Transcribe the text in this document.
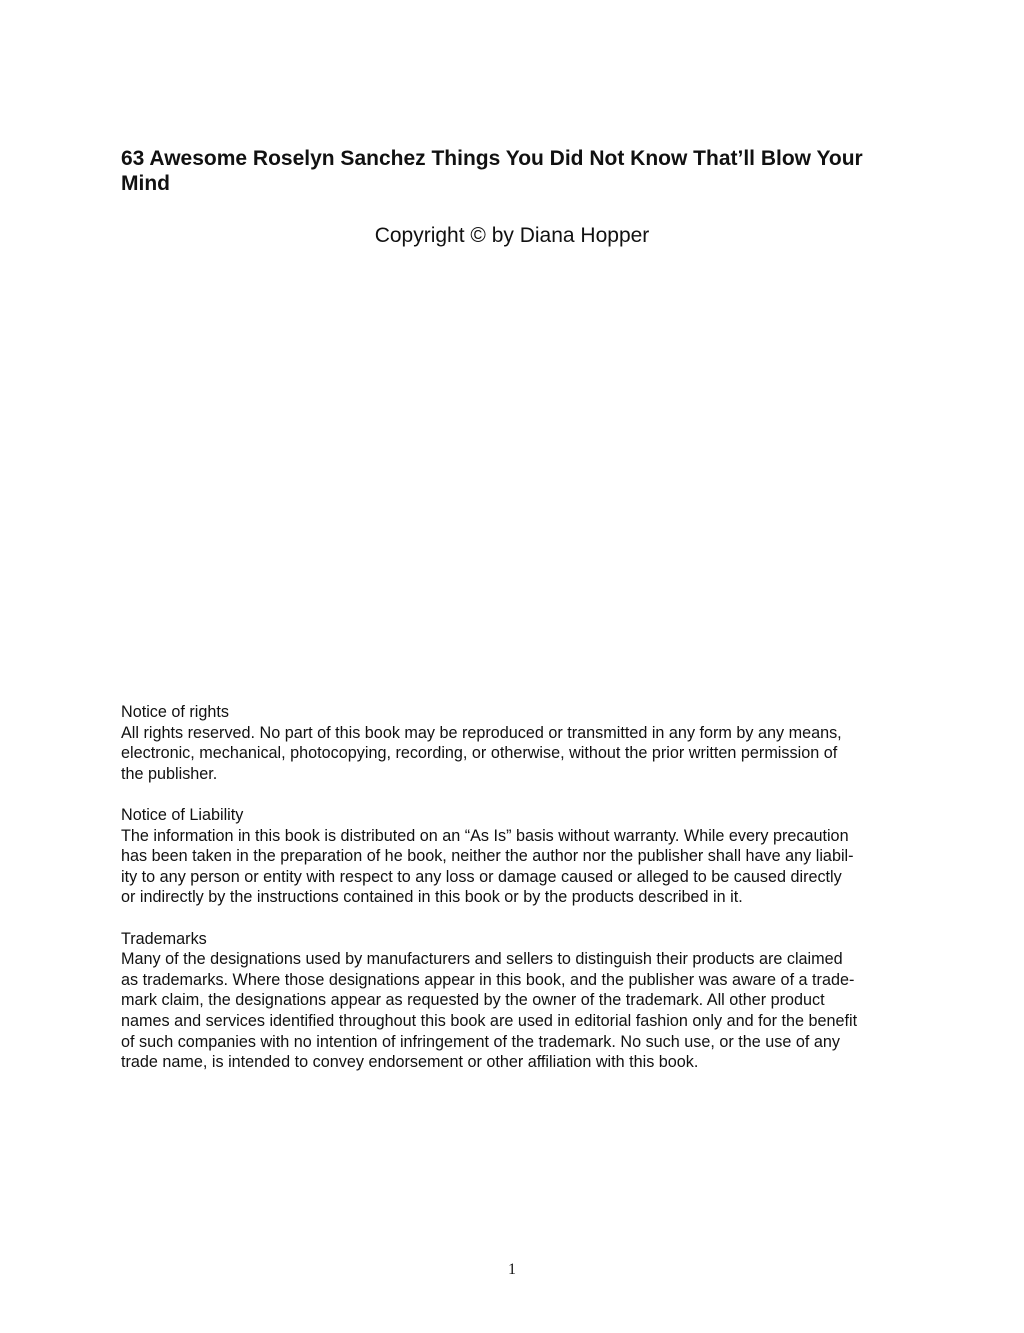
63 Awesome Roselyn Sanchez Things You Did Not Know That’ll Blow Your Mind
Copyright © by Diana Hopper
Notice of rights
All rights reserved. No part of this book may be reproduced or transmitted in any form by any means,
electronic, mechanical, photocopying, recording, or otherwise, without the prior written permission of
the publisher.
Notice of Liability
The information in this book is distributed on an “As Is” basis without warranty. While every precaution
has been taken in the preparation of he book, neither the author nor the publisher shall have any liabil-
ity to any person or entity with respect to any loss or damage caused or alleged to be caused directly
or indirectly by the instructions contained in this book or by the products described in it.
Trademarks
Many of the designations used by manufacturers and sellers to distinguish their products are claimed
as trademarks. Where those designations appear in this book, and the publisher was aware of a trade-
mark claim, the designations appear as requested by the owner of the trademark. All other product
names and services identified throughout this book are used in editorial fashion only and for the benefit
of such companies with no intention of infringement of the trademark. No such use, or the use of any
trade name, is intended to convey endorsement or other affiliation with this book.
1
